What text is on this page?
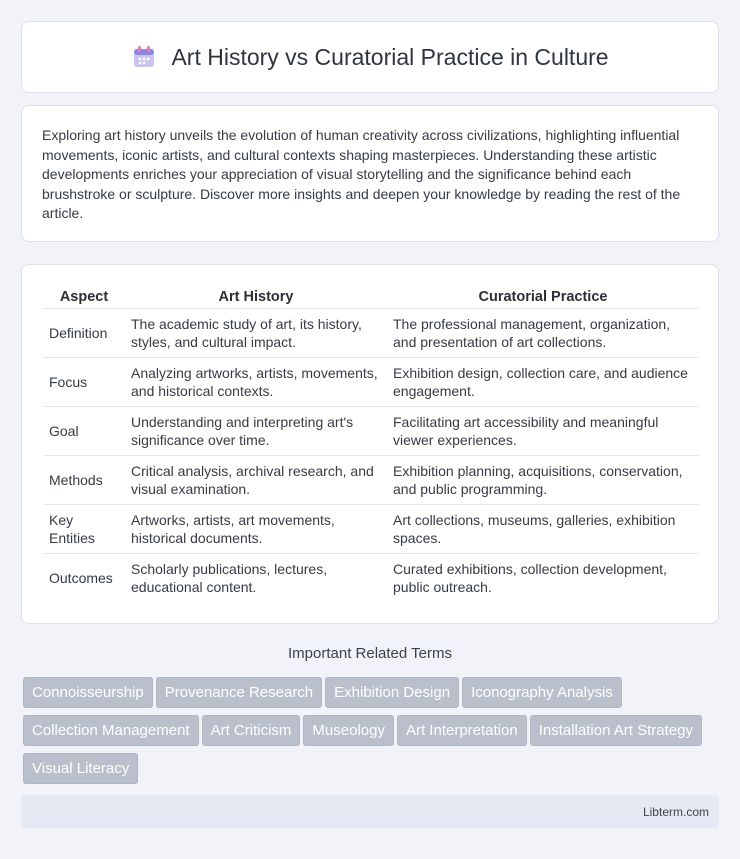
Art History vs Curatorial Practice in Culture

Exploring art history unveils the evolution of human creativity across civilizations, highlighting influential movements, iconic artists, and cultural contexts shaping masterpieces. Understanding these artistic developments enriches your appreciation of visual storytelling and the significance behind each brushstroke or sculpture. Discover more insights and deepen your knowledge by reading the rest of the article.

Aspect	Art History	Curatorial Practice
Definition	The academic study of art, its history, styles, and cultural impact.	The professional management, organization, and presentation of art collections.
Focus	Analyzing artworks, artists, movements, and historical contexts.	Exhibition design, collection care, and audience engagement.
Goal	Understanding and interpreting art's significance over time.	Facilitating art accessibility and meaningful viewer experiences.
Methods	Critical analysis, archival research, and visual examination.	Exhibition planning, acquisitions, conservation, and public programming.
Key Entities	Artworks, artists, art movements, historical documents.	Art collections, museums, galleries, exhibition spaces.
Outcomes	Scholarly publications, lectures, educational content.	Curated exhibitions, collection development, public outreach.
Important Related Terms
Connoisseurship Provenance Research Exhibition Design Iconography AnalysisCollection Management Art Criticism Museology Art Interpretation Installation Art StrategyVisual Literacy
Libterm.com
